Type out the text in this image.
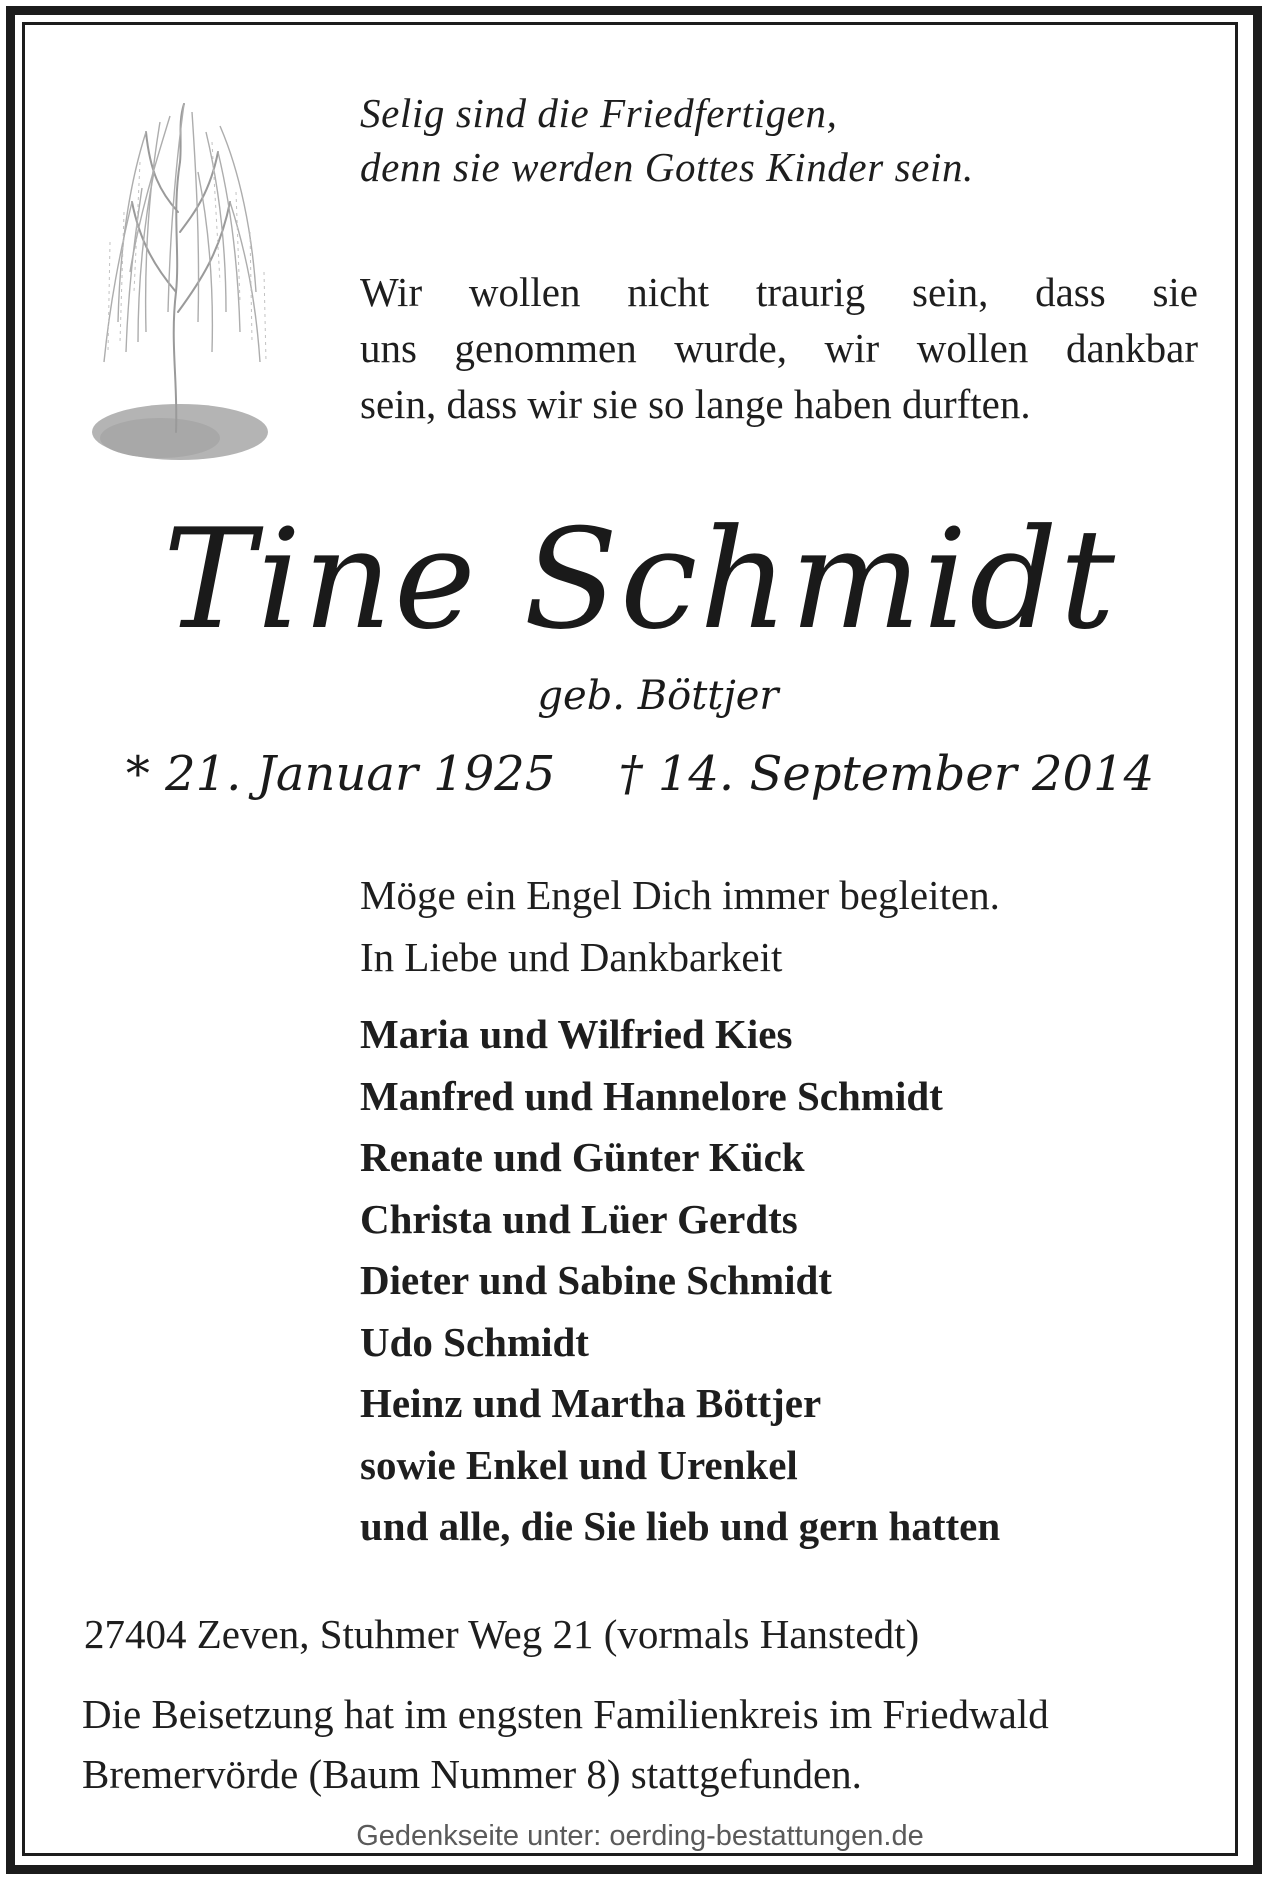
Selig sind die Friedfertigen,
denn sie werden Gottes Kinder sein.
Wir wollen nicht traurig sein, dass sie
uns genommen wurde, wir wollen dankbar
sein, dass wir sie so lange haben durften.
Tine Schmidt
geb. Böttjer
* 21. Januar 1925 † 14. September 2014
Möge ein Engel Dich immer begleiten.
In Liebe und Dankbarkeit
Maria und Wilfried Kies
Manfred und Hannelore Schmidt
Renate und Günter Kück
Christa und Lüer Gerdts
Dieter und Sabine Schmidt
Udo Schmidt
Heinz und Martha Böttjer
sowie Enkel und Urenkel
und alle, die Sie lieb und gern hatten
27404 Zeven, Stuhmer Weg 21 (vormals Hanstedt)
Die Beisetzung hat im engsten Familienkreis im Friedwald
Bremervörde (Baum Nummer 8) stattgefunden.
Gedenkseite unter: oerding-bestattungen.de
